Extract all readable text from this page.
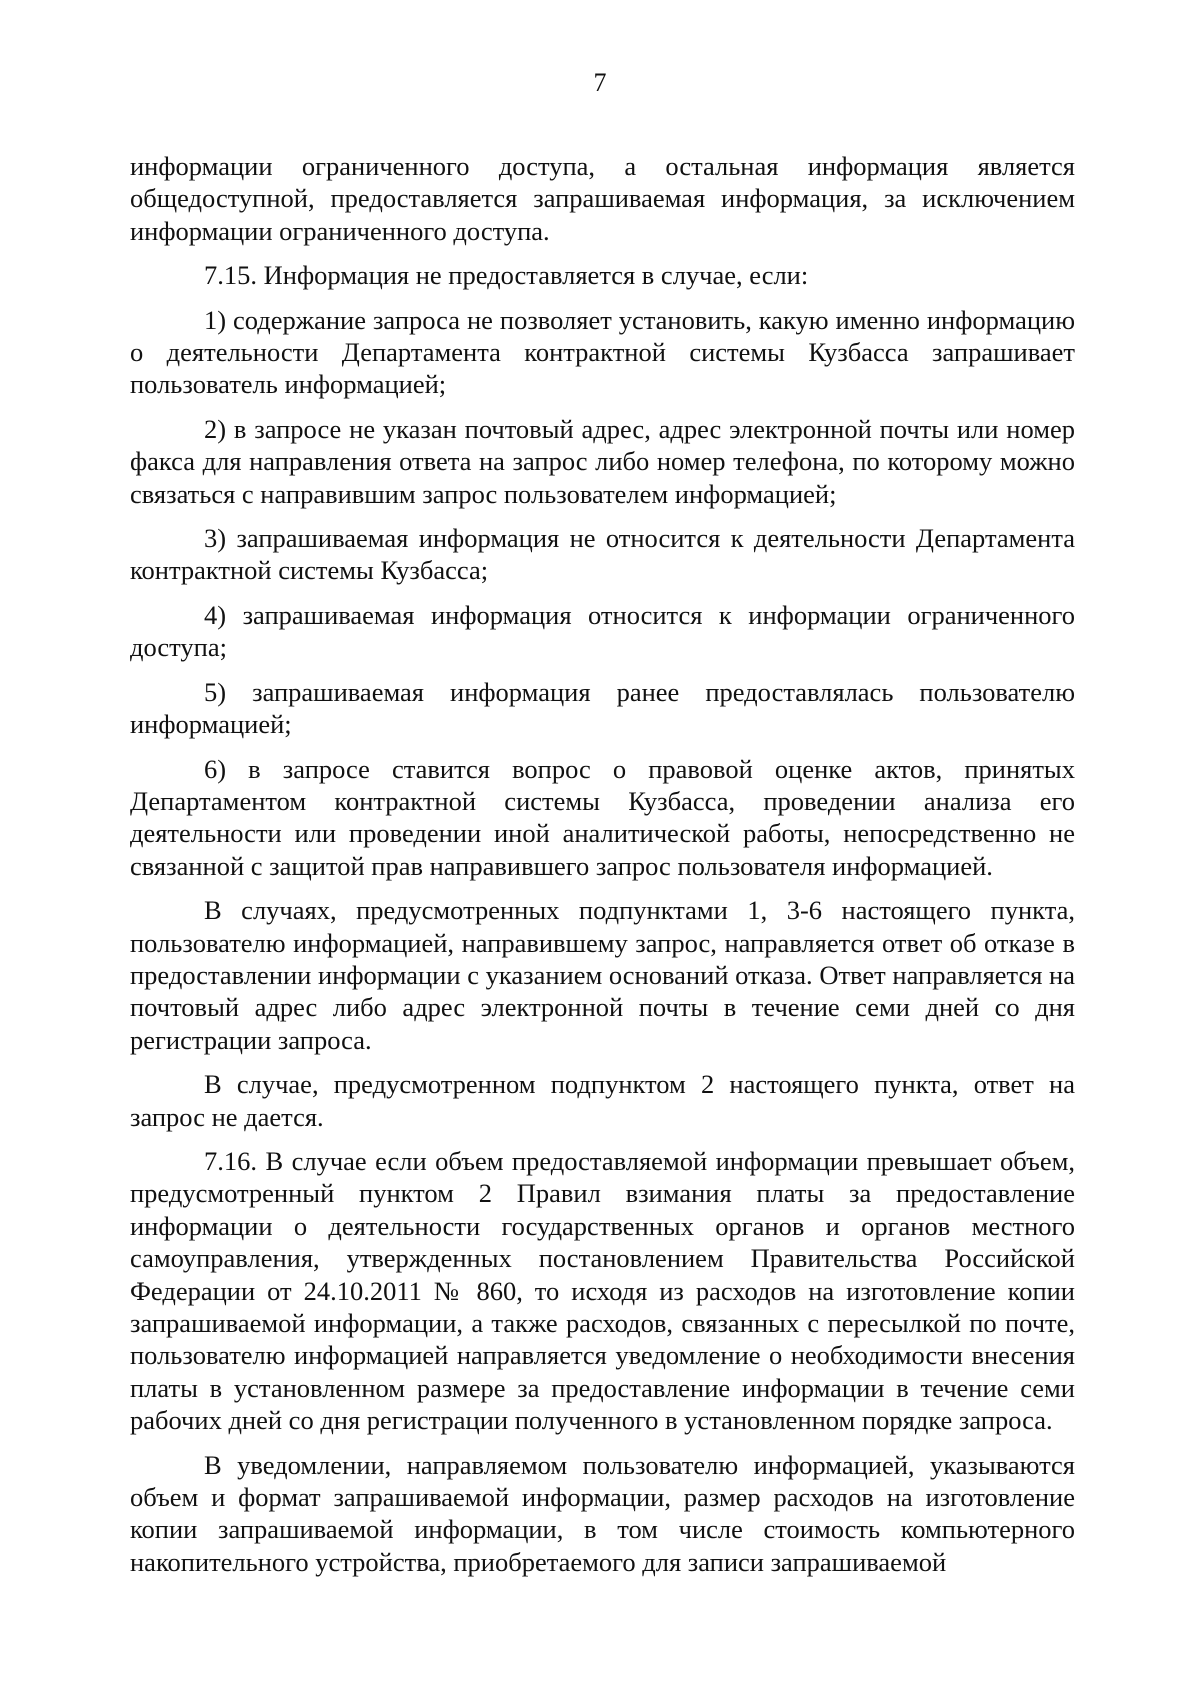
7

информации ограниченного доступа, а остальная информация является общедоступной, предоставляется запрашиваемая информация, за исключением информации ограниченного доступа.

7.15. Информация не предоставляется в случае, если:

1) содержание запроса не позволяет установить, какую именно информацию о деятельности Департамента контрактной системы Кузбасса запрашивает пользователь информацией;

2) в запросе не указан почтовый адрес, адрес электронной почты или номер факса для направления ответа на запрос либо номер телефона, по которому можно связаться с направившим запрос пользователем информацией;

3) запрашиваемая информация не относится к деятельности Департамента контрактной системы Кузбасса;

4) запрашиваемая информация относится к информации ограниченного доступа;

5) запрашиваемая информация ранее предоставлялась пользователю информацией;

6) в запросе ставится вопрос о правовой оценке актов, принятых Департаментом контрактной системы Кузбасса, проведении анализа его деятельности или проведении иной аналитической работы, непосредственно не связанной с защитой прав направившего запрос пользователя информацией.

В случаях, предусмотренных подпунктами 1, 3-6 настоящего пункта, пользователю информацией, направившему запрос, направляется ответ об отказе в предоставлении информации с указанием оснований отказа. Ответ направляется на почтовый адрес либо адрес электронной почты в течение семи дней со дня регистрации запроса.

В случае, предусмотренном подпунктом 2 настоящего пункта, ответ на запрос не дается.

7.16. В случае если объем предоставляемой информации превышает объем, предусмотренный пунктом 2 Правил взимания платы за предоставление информации о деятельности государственных органов и органов местного самоуправления, утвержденных постановлением Правительства Российской Федерации от 24.10.2011 № 860, то исходя из расходов на изготовление копии запрашиваемой информации, а также расходов, связанных с пересылкой по почте, пользователю информацией направляется уведомление о необходимости внесения платы в установленном размере за предоставление информации в течение семи рабочих дней со дня регистрации полученного в установленном порядке запроса.

В уведомлении, направляемом пользователю информацией, указываются объем и формат запрашиваемой информации, размер расходов на изготовление копии запрашиваемой информации, в том числе стоимость компьютерного накопительного устройства, приобретаемого для записи запрашиваемой
